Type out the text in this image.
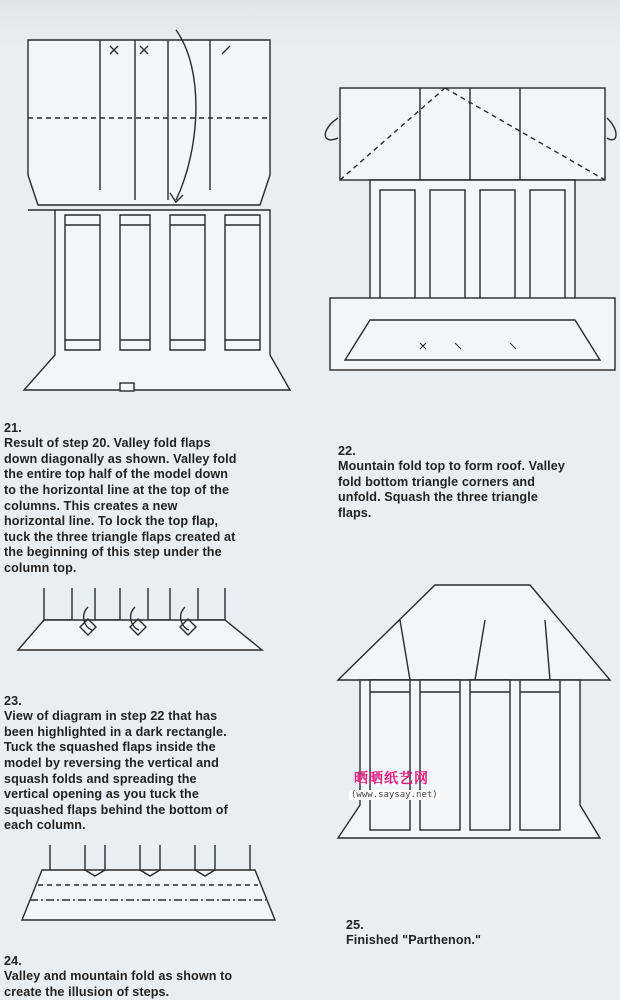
21.
Result of step 20. Valley fold flaps
down diagonally as shown. Valley fold
the entire top half of the model down
to the horizontal line at the top of the
columns. This creates a new
horizontal line. To lock the top flap,
tuck the three triangle flaps created at
the beginning of this step under the
column top.

22.
Mountain fold top to form roof. Valley
fold bottom triangle corners and
unfold. Squash the three triangle
flaps.

23.
View of diagram in step 22 that has
been highlighted in a dark rectangle.
Tuck the squashed flaps inside the
model by reversing the vertical and
squash folds and spreading the
vertical opening as you tuck the
squashed flaps behind the bottom of
each column.

24.
Valley and mountain fold as shown to
create the illusion of steps.

晒晒纸艺网
(www.saysay.net)

25.
Finished "Parthenon."
